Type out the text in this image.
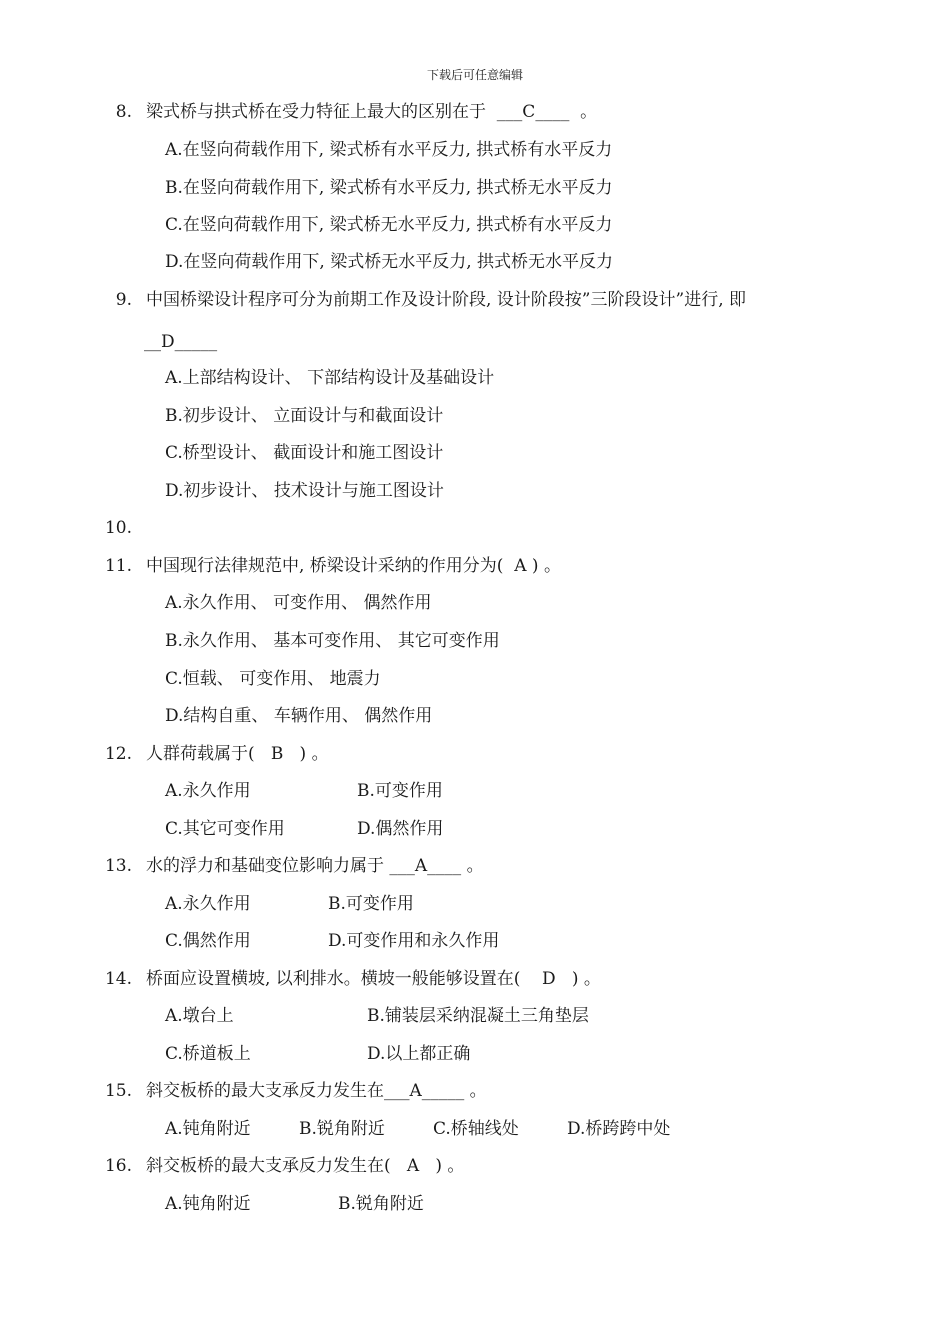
下载后可任意编辑
8. 梁式桥与拱式桥在受力特征上最大的区别在于  ___C____  。
A.在竖向荷载作用下, 梁式桥有水平反力, 拱式桥有水平反力
B.在竖向荷载作用下, 梁式桥有水平反力, 拱式桥无水平反力
C.在竖向荷载作用下, 梁式桥无水平反力, 拱式桥有水平反力
D.在竖向荷载作用下, 梁式桥无水平反力, 拱式桥无水平反力
9. 中国桥梁设计程序可分为前期工作及设计阶段, 设计阶段按”三阶段设计”进行, 即
__D_____
A.上部结构设计、 下部结构设计及基础设计
B.初步设计、 立面设计与和截面设计
C.桥型设计、 截面设计和施工图设计
D.初步设计、 技术设计与施工图设计
10.
11. 中国现行法律规范中, 桥梁设计采纳的作用分为(  A ) 。
A.永久作用、 可变作用、 偶然作用
B.永久作用、 基本可变作用、 其它可变作用
C.恒载、 可变作用、 地震力
D.结构自重、 车辆作用、 偶然作用
12. 人群荷载属于(   B   ) 。
A.永久作用	B.可变作用
C.其它可变作用	D.偶然作用
13. 水的浮力和基础变位影响力属于 ___A____ 。
A.永久作用	B.可变作用
C.偶然作用	D.可变作用和永久作用
14. 桥面应设置横坡, 以利排水。横坡一般能够设置在(    D   ) 。
A.墩台上	B.铺装层采纳混凝土三角垫层
C.桥道板上	D.以上都正确
15. 斜交板桥的最大支承反力发生在___A_____ 。
A.钝角附近	B.锐角附近	C.桥轴线处	D.桥跨跨中处
16. 斜交板桥的最大支承反力发生在(   A   ) 。
A.钝角附近	B.锐角附近
